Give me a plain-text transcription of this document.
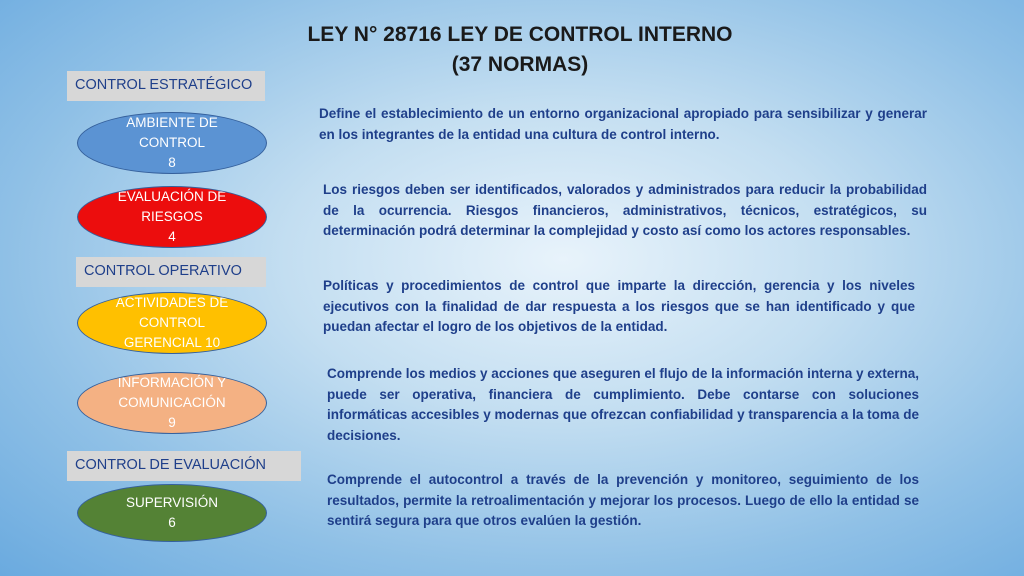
LEY N° 28716 LEY DE CONTROL INTERNO
(37 NORMAS)
CONTROL ESTRATÉGICO
CONTROL OPERATIVO
CONTROL DE EVALUACIÓN
AMBIENTE DE
CONTROL
8
EVALUACIÓN DE
RIESGOS
4
ACTIVIDADES DE
CONTROL
GERENCIAL 10
INFORMACIÓN Y
COMUNICACIÓN
9
SUPERVISIÓN
6
Define el establecimiento de un entorno organizacional apropiado para sensibilizar y generar en los integrantes de la entidad una cultura de control interno.
Los riesgos deben ser identificados, valorados y administrados para reducir la probabilidad de la ocurrencia. Riesgos financieros, administrativos, técnicos, estratégicos, su determinación podrá determinar la complejidad y costo así como los actores responsables.
Políticas y procedimientos de control que imparte la dirección, gerencia y los niveles ejecutivos con la finalidad de dar respuesta a los riesgos que se han identificado y que puedan afectar el logro de los objetivos de la entidad.
Comprende los medios y acciones que aseguren el flujo de la información interna y externa, puede ser operativa, financiera de cumplimiento. Debe contarse con soluciones informáticas accesibles y modernas que ofrezcan confiabilidad y transparencia a la toma de decisiones.
Comprende el autocontrol a través de la prevención y monitoreo, seguimiento de los resultados, permite la retroalimentación y mejorar los procesos. Luego de ello la entidad se sentirá segura para que otros evalúen la gestión.
